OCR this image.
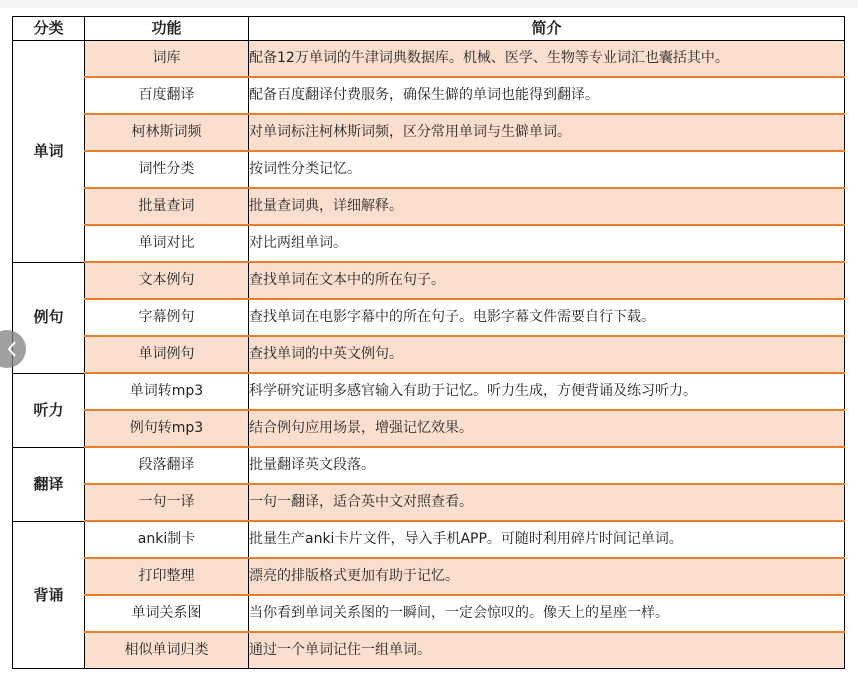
分类	功能	简介
单词	词库	配备12万单词的牛津词典数据库。机械、医学、生物等专业词汇也囊括其中。
	百度翻译	配备百度翻译付费服务，确保生僻的单词也能得到翻译。
	柯林斯词频	对单词标注柯林斯词频，区分常用单词与生僻单词。
	词性分类	按词性分类记忆。
	批量查词	批量查词典，详细解释。
	单词对比	对比两组单词。
例句	文本例句	查找单词在文本中的所在句子。
	字幕例句	查找单词在电影字幕中的所在句子。电影字幕文件需要自行下载。
	单词例句	查找单词的中英文例句。
听力	单词转mp3	科学研究证明多感官输入有助于记忆。听力生成，方便背诵及练习听力。
	例句转mp3	结合例句应用场景，增强记忆效果。
翻译	段落翻译	批量翻译英文段落。
	一句一译	一句一翻译，适合英中文对照查看。
背诵	anki制卡	批量生产anki卡片文件，导入手机APP。可随时利用碎片时间记单词。
	打印整理	漂亮的排版格式更加有助于记忆。
	单词关系图	当你看到单词关系图的一瞬间，一定会惊叹的。像天上的星座一样。
	相似单词归类	通过一个单词记住一组单词。
